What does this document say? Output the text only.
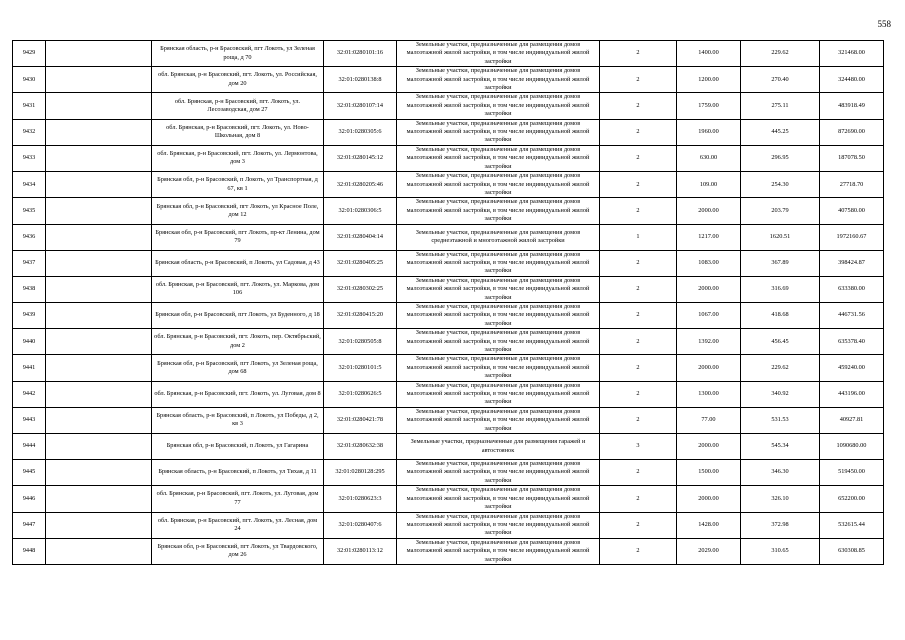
558
9429		Брянская область, р-н Брасовский, пгт Локоть, ул Зеленая роща, д 70	32:01:0280101:16	Земельные участки, предназначенные для размещения домов малоэтажной жилой застройки, в том числе индивидуальной жилой застройки	2	1400.00	229.62	321468.00
9430		обл. Брянская, р-н Брасовский, пгт. Локоть, ул. Российская, дом 20	32:01:0280138:8	Земельные участки, предназначенные для размещения домов малоэтажной жилой застройки, в том числе индивидуальной жилой застройки	2	1200.00	270.40	324480.00
9431		обл. Брянская, р-н Брасовский, пгт. Локоть, ул. Лесозаводская, дом 27	32:01:0280107:14	Земельные участки, предназначенные для размещения домов малоэтажной жилой застройки, в том числе индивидуальной жилой застройки	2	1759.00	275.11	483918.49
9432		обл. Брянская, р-н Брасовский, пгт. Локоть, ул. Ново-Школьная, дом 8	32:01:0280305:6	Земельные участки, предназначенные для размещения домов малоэтажной жилой застройки, в том числе индивидуальной жилой застройки	2	1960.00	445.25	872690.00
9433		обл. Брянская, р-н Брасовский, пгт. Локоть, ул. Лермонтова, дом 3	32:01:0280145:12	Земельные участки, предназначенные для размещения домов малоэтажной жилой застройки, в том числе индивидуальной жилой застройки	2	630.00	296.95	187078.50
9434		Брянская обл, р-н Брасовский, п Локоть, ул Транспортная, д 67, кв 1	32:01:0280205:46	Земельные участки, предназначенные для размещения домов малоэтажной жилой застройки, в том числе индивидуальной жилой застройки	2	109.00	254.30	27718.70
9435		Брянская обл, р-н Брасовский, пгт Локоть, ул Красное Поле, дом 12	32:01:0280306:5	Земельные участки, предназначенные для размещения домов малоэтажной жилой застройки, в том числе индивидуальной жилой застройки	2	2000.00	203.79	407580.00
9436		Брянская обл, р-н Брасовский, пгт Локоть, пр-кт Ленина, дом 79	32:01:0280404:14	Земельные участки, предназначенные для размещения домов среднеэтажной и многоэтажной жилой застройки	1	1217.00	1620.51	1972160.67
9437		Брянская область, р-н Брасовский, п Локоть, ул Садовая, д 43	32:01:0280405:25	Земельные участки, предназначенные для размещения домов малоэтажной жилой застройки, в том числе индивидуальной жилой застройки	2	1083.00	367.89	398424.87
9438		обл. Брянская, р-н Брасовский, пгт. Локоть, ул. Маркова, дом 106	32:01:0280302:25	Земельные участки, предназначенные для размещения домов малоэтажной жилой застройки, в том числе индивидуальной жилой застройки	2	2000.00	316.69	633380.00
9439		Брянская обл, р-н Брасовский, пгт Локоть, ул Буденного, д 18	32:01:0280415:20	Земельные участки, предназначенные для размещения домов малоэтажной жилой застройки, в том числе индивидуальной жилой застройки	2	1067.00	418.68	446731.56
9440		обл. Брянская, р-н Брасовский, пгт. Локоть, пер. Октябрьский, дом 2	32:01:0280505:8	Земельные участки, предназначенные для размещения домов малоэтажной жилой застройки, в том числе индивидуальной жилой застройки	2	1392.00	456.45	635378.40
9441		Брянская обл, р-н Брасовский, пгт Локоть, ул Зеленая роща, дом 68	32:01:0280101:5	Земельные участки, предназначенные для размещения домов малоэтажной жилой застройки, в том числе индивидуальной жилой застройки	2	2000.00	229.62	459240.00
9442		обл. Брянская, р-н Брасовский, пгт. Локоть, ул. Луговая, дом 8	32:01:0280626:5	Земельные участки, предназначенные для размещения домов малоэтажной жилой застройки, в том числе индивидуальной жилой застройки	2	1300.00	340.92	443196.00
9443		Брянская область, р-н Брасовский, п Локоть, ул Победы, д 2, кв 3	32:01:0280421:78	Земельные участки, предназначенные для размещения домов малоэтажной жилой застройки, в том числе индивидуальной жилой застройки	2	77.00	531.53	40927.81
9444		Брянская обл, р-н Брасовский, п Локоть, ул Гагарина	32:01:0280632:38	Земельные участки, предназначенные для размещения гаражей и автостоянок	3	2000.00	545.34	1090680.00
9445		Брянская область, р-н Брасовский, п Локоть, ул Тихая, д 11	32:01:0280128:295	Земельные участки, предназначенные для размещения домов малоэтажной жилой застройки, в том числе индивидуальной жилой застройки	2	1500.00	346.30	519450.00
9446		обл. Брянская, р-н Брасовский, пгт. Локоть, ул. Луговая, дом 77	32:01:0280623:3	Земельные участки, предназначенные для размещения домов малоэтажной жилой застройки, в том числе индивидуальной жилой застройки	2	2000.00	326.10	652200.00
9447		обл. Брянская, р-н Брасовский, пгт. Локоть, ул. Лесная, дом 24	32:01:0280407:6	Земельные участки, предназначенные для размещения домов малоэтажной жилой застройки, в том числе индивидуальной жилой застройки	2	1428.00	372.98	532615.44
9448		Брянская обл, р-н Брасовский, пгт Локоть, ул Твардовского, дом 26	32:01:0280113:12	Земельные участки, предназначенные для размещения домов малоэтажной жилой застройки, в том числе индивидуальной жилой застройки	2	2029.00	310.65	630308.85
